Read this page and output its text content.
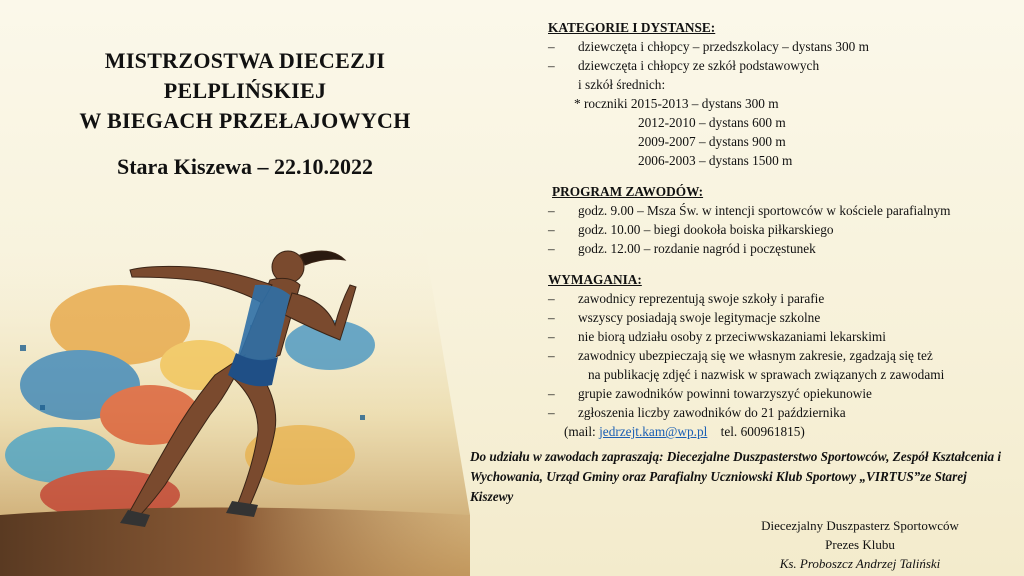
MISTRZOSTWA DIECEZJI
PELPLIŃSKIEJ
W BIEGACH PRZEŁAJOWYCH
Stara Kiszewa – 22.10.2022
KATEGORIE I DYSTANSE:
–	dziewczęta i chłopcy – przedszkolacy – dystans 300 m
–	dziewczęta i chłopcy ze szkół podstawowych
i szkół średnich:
* roczniki 2015-2013 – dystans 300 m
2012-2010 – dystans 600 m
2009-2007 – dystans 900 m
2006-2003 – dystans 1500 m
PROGRAM ZAWODÓW:
–	godz. 9.00 – Msza Św. w intencji sportowców w kościele parafialnym
–	godz. 10.00 – biegi dookoła boiska piłkarskiego
–	godz. 12.00 – rozdanie nagród i poczęstunek
WYMAGANIA:
–	zawodnicy reprezentują swoje szkoły i parafie
–	wszyscy posiadają swoje legitymacje szkolne
–	nie biorą udziału osoby z przeciwwskazaniami lekarskimi
–	zawodnicy ubezpieczają się we własnym zakresie, zgadzają się też
na publikację zdjęć i nazwisk w sprawach związanych z zawodami
–	grupie zawodników powinni towarzyszyć opiekunowie
–	zgłoszenia liczby zawodników do 21 października
(mail: jedrzejt.kam@wp.pl tel. 600961815)
Do udziału w zawodach zapraszają: Diecezjalne Duszpasterstwo Sportowców, Zespół Kształcenia i Wychowania, Urząd Gminy oraz Parafialny Uczniowski Klub Sportowy „VIRTUS”ze Starej Kiszewy
Diecezjalny Duszpasterz Sportowców
Prezes Klubu
Ks. Proboszcz Andrzej Taliński
